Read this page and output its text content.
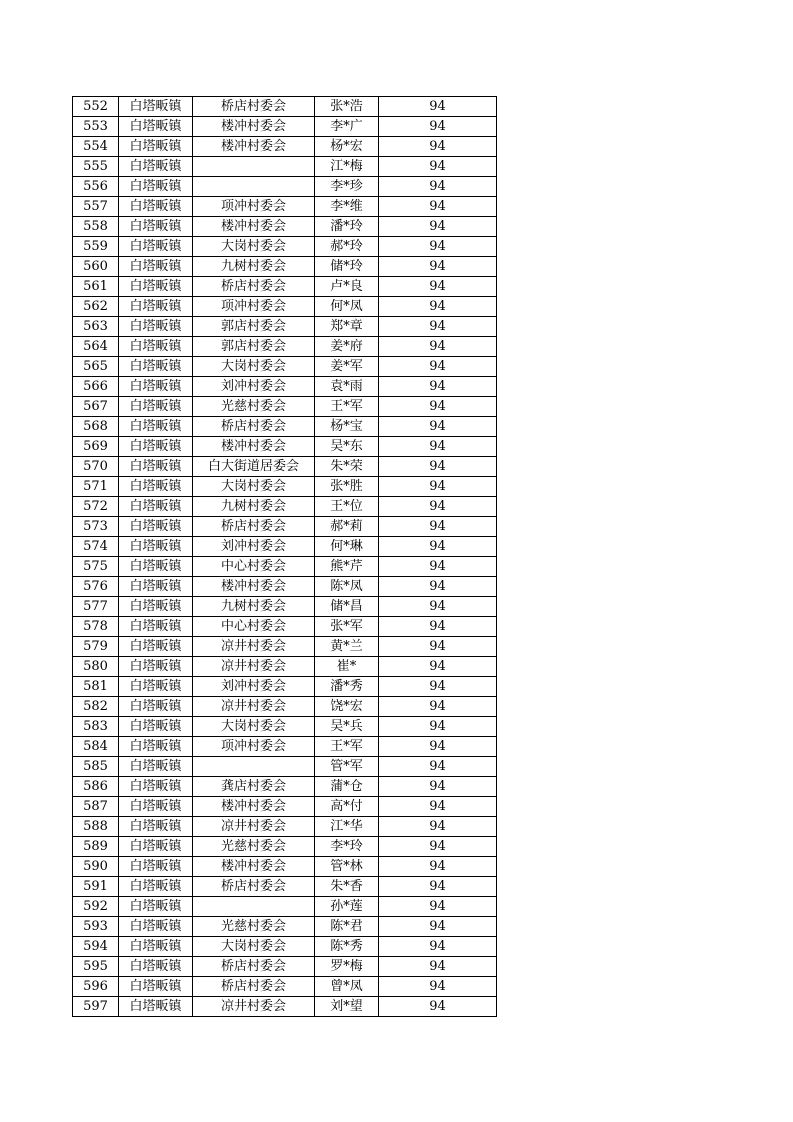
552	白塔畈镇	桥店村委会	张*浩	94
553	白塔畈镇	楼冲村委会	李*广	94
554	白塔畈镇	楼冲村委会	杨*宏	94
555	白塔畈镇		江*梅	94
556	白塔畈镇		李*珍	94
557	白塔畈镇	项冲村委会	李*维	94
558	白塔畈镇	楼冲村委会	潘*玲	94
559	白塔畈镇	大岗村委会	郝*玲	94
560	白塔畈镇	九树村委会	储*玲	94
561	白塔畈镇	桥店村委会	卢*良	94
562	白塔畈镇	项冲村委会	何*凤	94
563	白塔畈镇	郭店村委会	郑*章	94
564	白塔畈镇	郭店村委会	姜*府	94
565	白塔畈镇	大岗村委会	姜*军	94
566	白塔畈镇	刘冲村委会	袁*雨	94
567	白塔畈镇	光慈村委会	王*军	94
568	白塔畈镇	桥店村委会	杨*宝	94
569	白塔畈镇	楼冲村委会	吴*东	94
570	白塔畈镇	白大街道居委会	朱*荣	94
571	白塔畈镇	大岗村委会	张*胜	94
572	白塔畈镇	九树村委会	王*位	94
573	白塔畈镇	桥店村委会	郝*莉	94
574	白塔畈镇	刘冲村委会	何*琳	94
575	白塔畈镇	中心村委会	熊*芹	94
576	白塔畈镇	楼冲村委会	陈*凤	94
577	白塔畈镇	九树村委会	储*昌	94
578	白塔畈镇	中心村委会	张*军	94
579	白塔畈镇	凉井村委会	黄*兰	94
580	白塔畈镇	凉井村委会	崔*	94
581	白塔畈镇	刘冲村委会	潘*秀	94
582	白塔畈镇	凉井村委会	饶*宏	94
583	白塔畈镇	大岗村委会	吴*兵	94
584	白塔畈镇	项冲村委会	王*军	94
585	白塔畈镇		管*军	94
586	白塔畈镇	龚店村委会	蒲*仓	94
587	白塔畈镇	楼冲村委会	高*付	94
588	白塔畈镇	凉井村委会	江*华	94
589	白塔畈镇	光慈村委会	李*玲	94
590	白塔畈镇	楼冲村委会	管*林	94
591	白塔畈镇	桥店村委会	朱*香	94
592	白塔畈镇		孙*莲	94
593	白塔畈镇	光慈村委会	陈*君	94
594	白塔畈镇	大岗村委会	陈*秀	94
595	白塔畈镇	桥店村委会	罗*梅	94
596	白塔畈镇	桥店村委会	曾*凤	94
597	白塔畈镇	凉井村委会	刘*望	94
